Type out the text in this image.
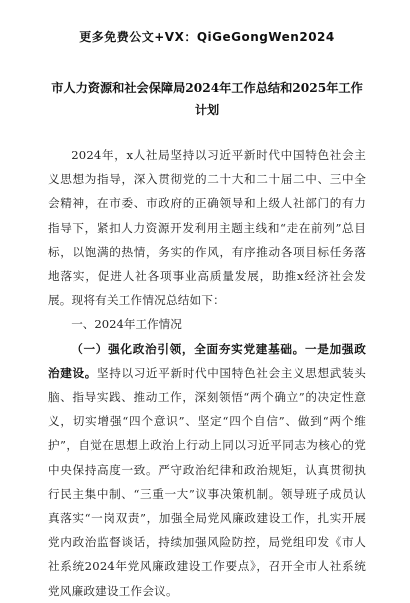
更多免费公文+VX：QiGeGongWen2024
市人力资源和社会保障局2024年工作总结和2025年工作计划

2024年，x人社局坚持以习近平新时代中国特色社会主义思想为指导，深入贯彻党的二十大和二十届二中、三中全会精神，在市委、市政府的正确领导和上级人社部门的有力指导下，紧扣人力资源开发利用主题主线和“走在前列”总目标，以饱满的热情，务实的作风，有序推动各项目标任务落地落实，促进人社各项事业高质量发展，助推x经济社会发展。现将有关工作情况总结如下：

一、2024年工作情况

（一）强化政治引领，全面夯实党建基础。一是加强政治建设。坚持以习近平新时代中国特色社会主义思想武装头脑、指导实践、推动工作，深刻领悟“两个确立”的决定性意义，切实增强“四个意识”、坚定“四个自信”、做到“两个维护”，自觉在思想上政治上行动上同以习近平同志为核心的党中央保持高度一致。严守政治纪律和政治规矩，认真贯彻执行民主集中制、“三重一大”议事决策机制。领导班子成员认真落实“一岗双责”，加强全局党风廉政建设工作，扎实开展党内政治监督谈话，持续加强风险防控，局党组印发《市人社系统2024年党风廉政建设工作要点》，召开全市人社系统党风廉政建设工作会议。
